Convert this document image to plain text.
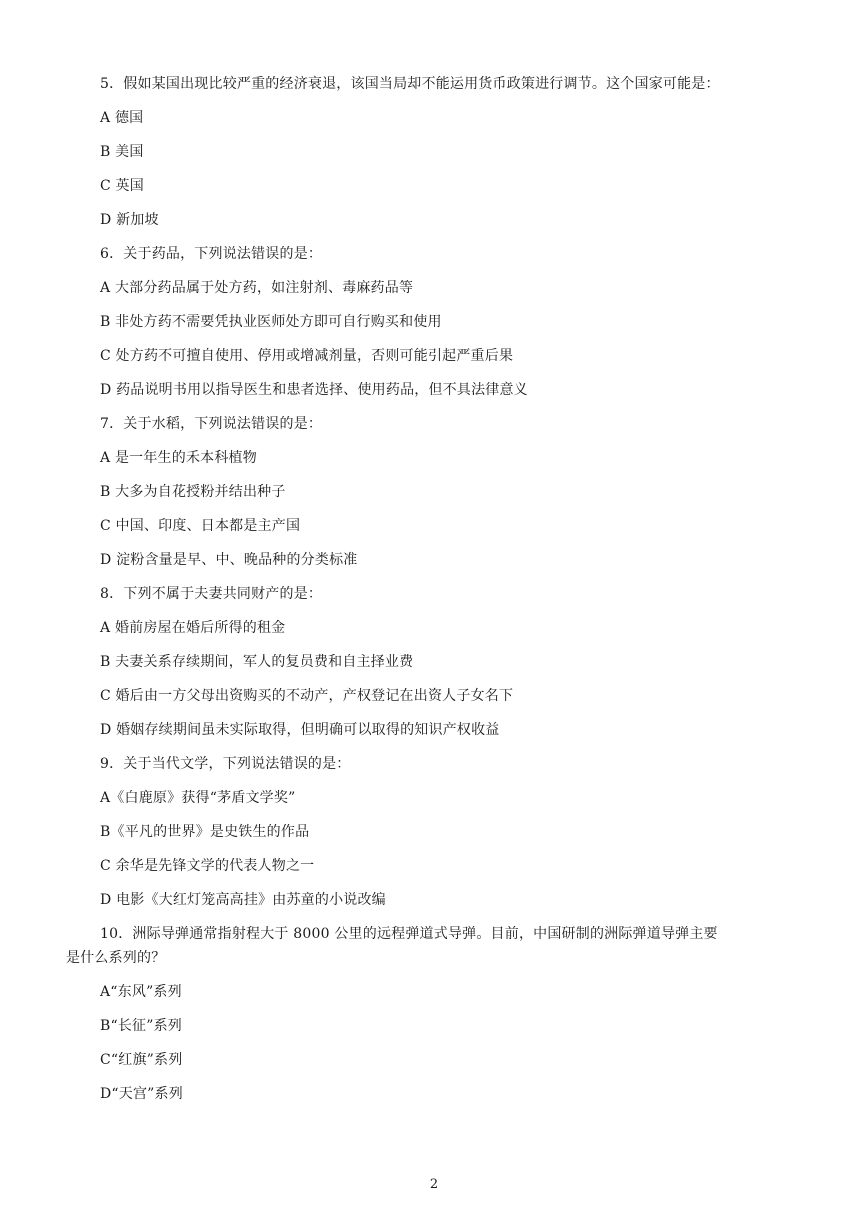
5．假如某国出现比较严重的经济衰退，该国当局却不能运用货币政策进行调节。这个国家可能是：

A 德国

B 美国

C 英国

D 新加坡

6．关于药品，下列说法错误的是：

A 大部分药品属于处方药，如注射剂、毒麻药品等

B 非处方药不需要凭执业医师处方即可自行购买和使用

C 处方药不可擅自使用、停用或增减剂量，否则可能引起严重后果

D 药品说明书用以指导医生和患者选择、使用药品，但不具法律意义

7．关于水稻，下列说法错误的是：

A 是一年生的禾本科植物

B 大多为自花授粉并结出种子

C 中国、印度、日本都是主产国

D 淀粉含量是早、中、晚品种的分类标准

8．下列不属于夫妻共同财产的是：

A 婚前房屋在婚后所得的租金

B 夫妻关系存续期间，军人的复员费和自主择业费

C 婚后由一方父母出资购买的不动产，产权登记在出资人子女名下

D 婚姻存续期间虽未实际取得，但明确可以取得的知识产权收益

9．关于当代文学，下列说法错误的是：

A《白鹿原》获得“茅盾文学奖”

B《平凡的世界》是史铁生的作品

C 余华是先锋文学的代表人物之一

D 电影《大红灯笼高高挂》由苏童的小说改编

10．洲际导弹通常指射程大于 8000 公里的远程弹道式导弹。目前，中国研制的洲际弹道导弹主要是什么系列的？

A“东风”系列

B“长征”系列

C“红旗”系列

D“天宫”系列

2
